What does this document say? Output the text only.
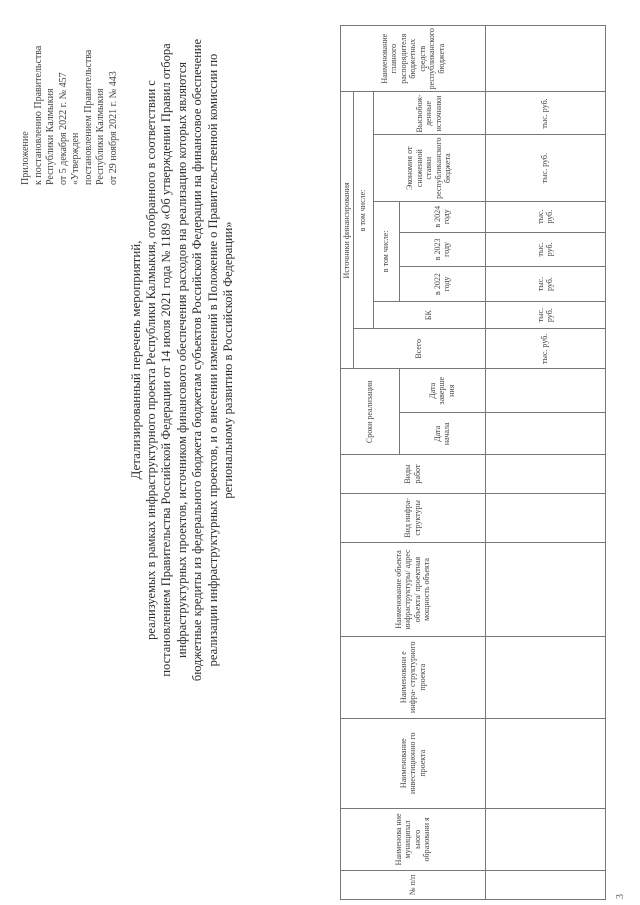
Приложение к постановлению Правительства Республики Калмыкия от 5 декабря 2022 г. № 457 «Утвержден постановлением Правительства Республики Калмыкия от 29 ноября 2021 г. № 443
Детализированный перечень мероприятий, реализуемых в рамках инфраструктурного проекта Республики Калмыкия, отобранного в соответствии с постановлением Правительства Российской Федерации от 14 июля 2021 года № 1189 «Об утверждении Правил отбора инфраструктурных проектов, источником финансового обеспечения расходов на реализацию которых являются бюджетные кредиты из федерального бюджета бюджетам субъектов Российской Федерации на финансовое обеспечение реализации инфраструктурных проектов, и о внесении изменений в Положение о Правительственной комиссии по региональному развитию в Российской Федерации»
№ п/п	Наименова ние муниципал ьного образовани я	Наименование инвестиционно го проекта	Наименовани е инфра- структурного проекта	Наименование объекта инфраструктуры/ адрес объекта/ проектная мощность объекта	Вид инфра- структуры	Виды работ	Сроки реализации		Источники финансирования							Наименование главного распорядителя бюджетных средств республиканского бюджета
									Всего	в том числе:						
										БК	в том числе:			Экономия от сниженной ставки республиканского бюджета	Высвобож-денные источники	
							Дата начала	Дата заверше ния			в 2022 году	в 2023 году	в 2024 году			

									тыс. руб.	тыс. руб.	тыс. руб.	тыс. руб.	тыс. руб.	тыс. руб.	тыс. руб.	
3
